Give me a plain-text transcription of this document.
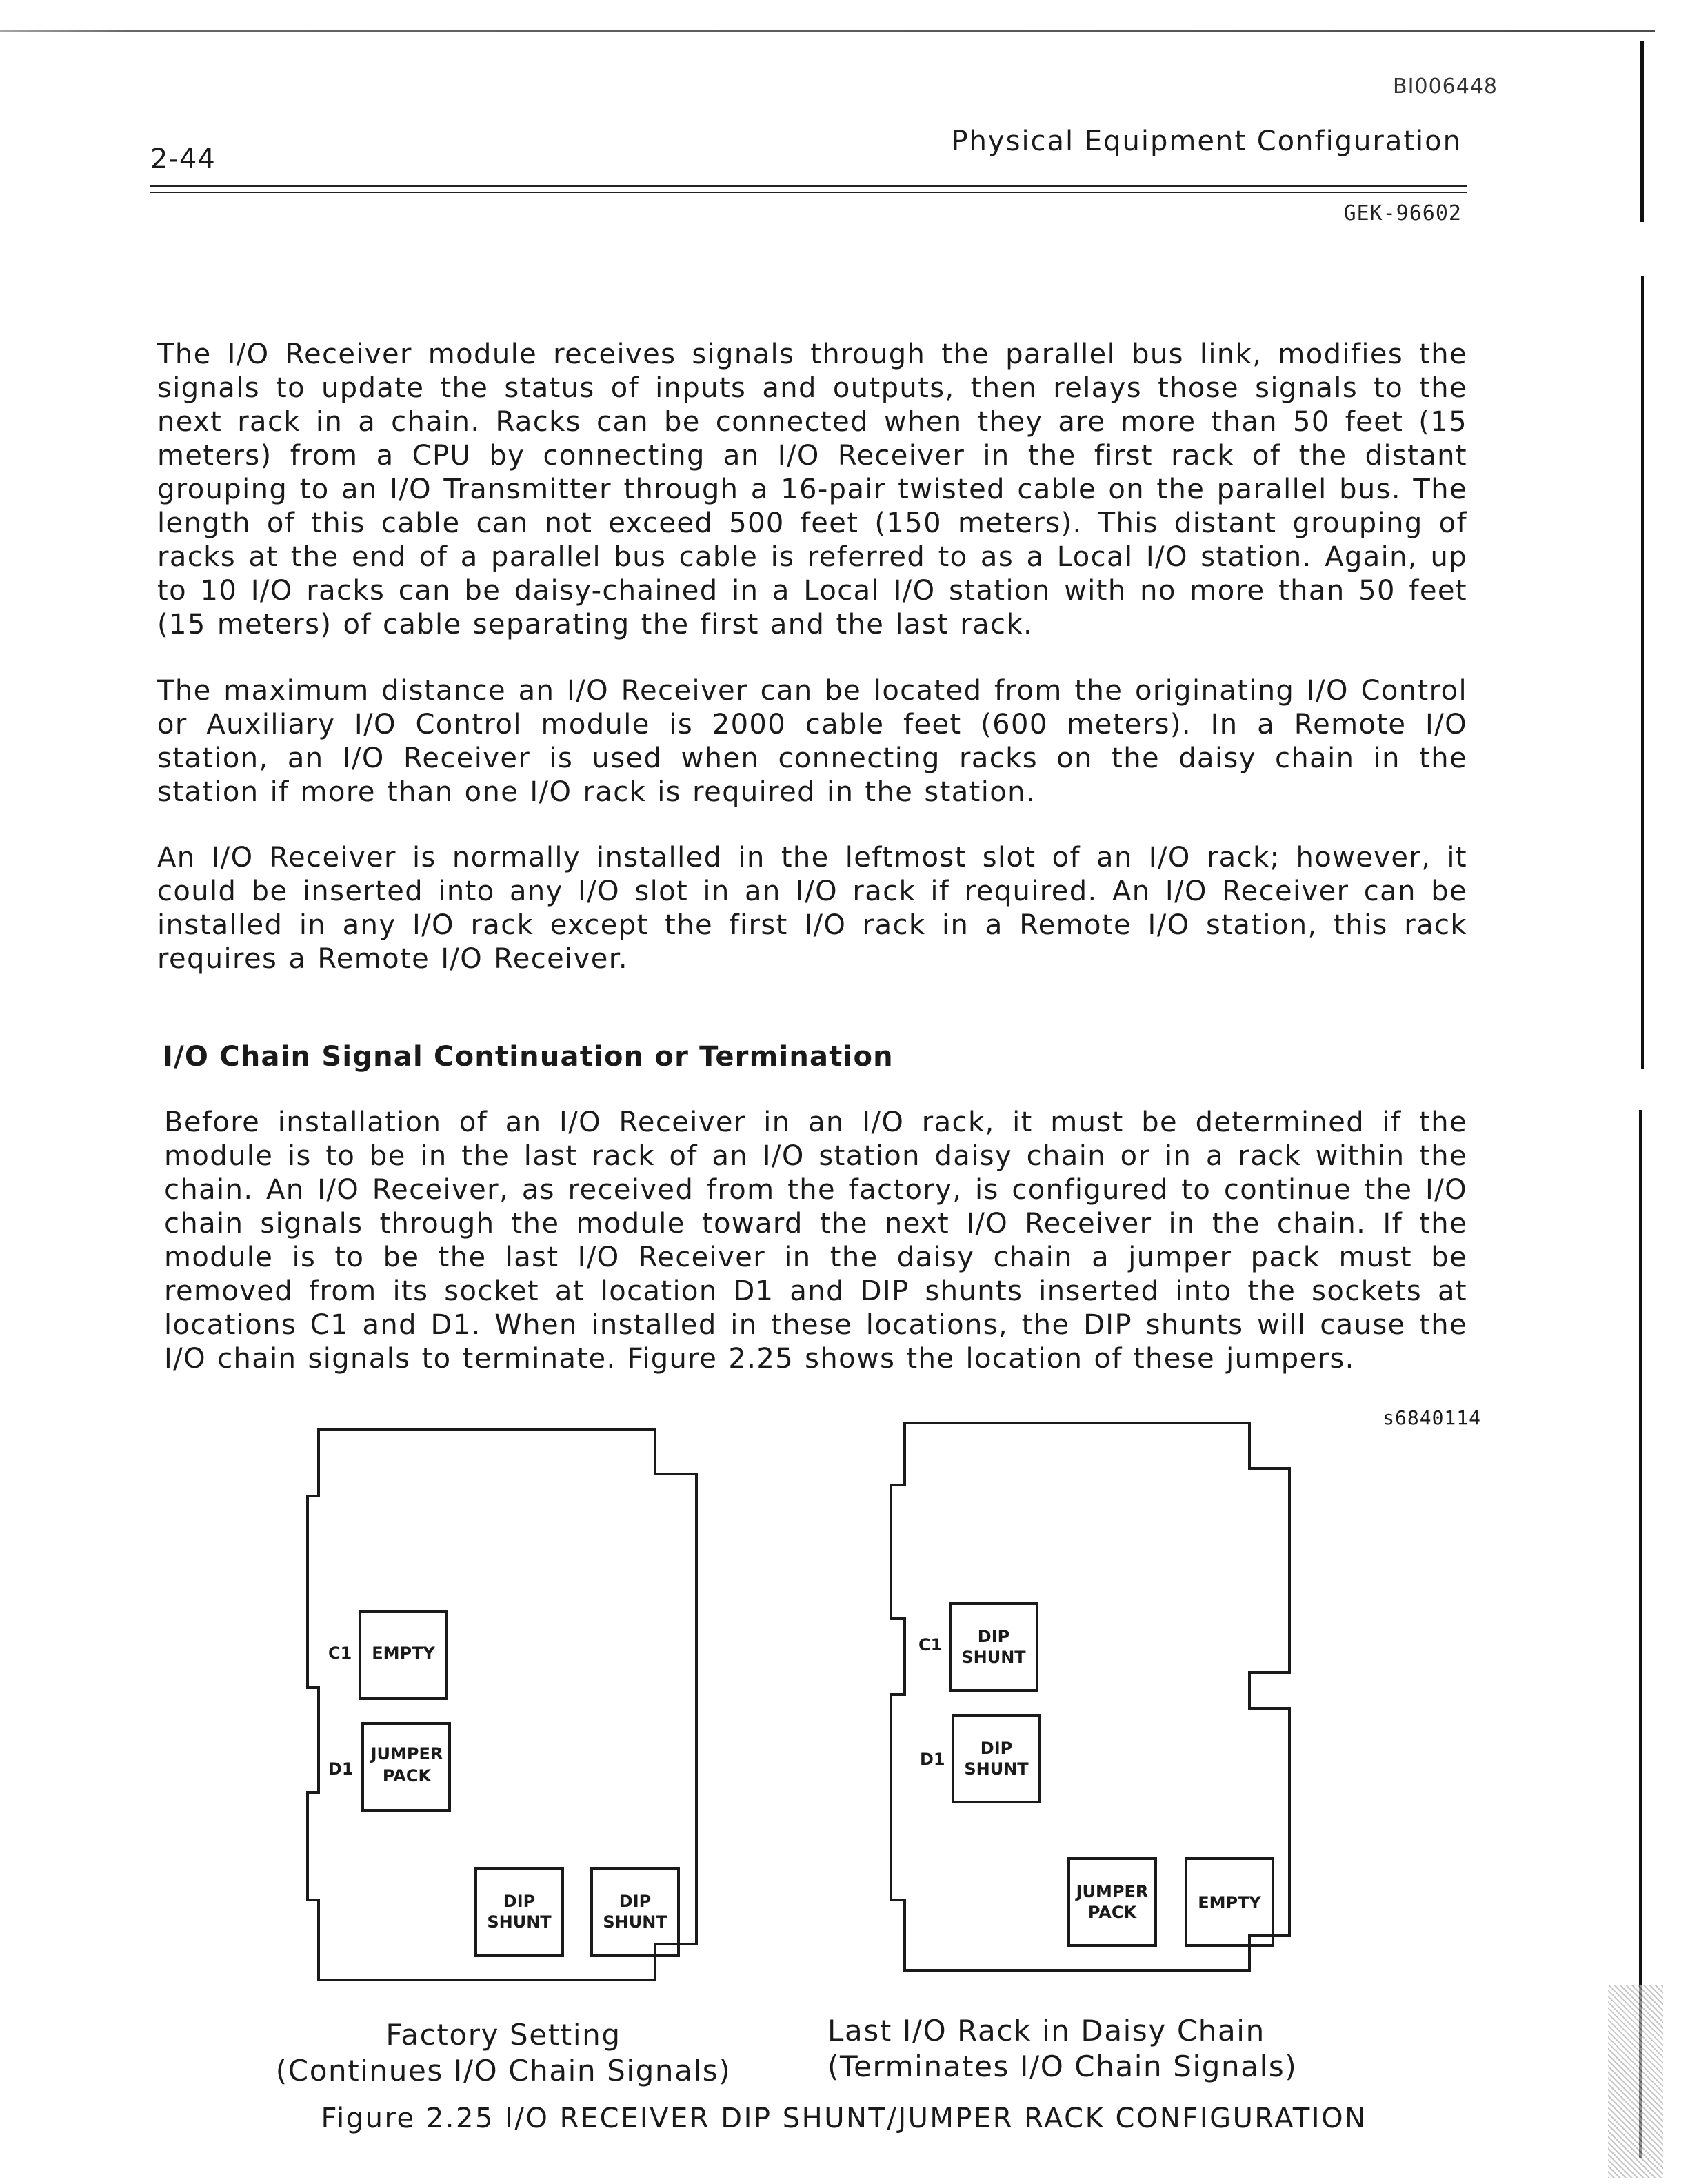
BI006448
2-44
Physical Equipment Configuration
GEK-96602
The I/O Receiver module receives signals through the parallel bus link, modifies the signals to update the status of inputs and outputs, then relays those signals to the next rack in a chain. Racks can be connected when they are more than 50 feet (15 meters) from a CPU by connecting an I/O Receiver in the first rack of the distant grouping to an I/O Transmitter through a 16-pair twisted cable on the parallel bus. The length of this cable can not exceed 500 feet (150 meters). This distant grouping of racks at the end of a parallel bus cable is referred to as a Local I/O station. Again, up to 10 I/O racks can be daisy-chained in a Local I/O station with no more than 50 feet (15 meters) of cable separating the first and the last rack.
The maximum distance an I/O Receiver can be located from the originating I/O Control or Auxiliary I/O Control module is 2000 cable feet (600 meters). In a Remote I/O station, an I/O Receiver is used when connecting racks on the daisy chain in the station if more than one I/O rack is required in the station.
An I/O Receiver is normally installed in the leftmost slot of an I/O rack; however, it could be inserted into any I/O slot in an I/O rack if required. An I/O Receiver can be installed in any I/O rack except the first I/O rack in a Remote I/O station, this rack requires a Remote I/O Receiver.
I/O Chain Signal Continuation or Termination
Before installation of an I/O Receiver in an I/O rack, it must be determined if the module is to be in the last rack of an I/O station daisy chain or in a rack within the chain. An I/O Receiver, as received from the factory, is configured to continue the I/O chain signals through the module toward the next I/O Receiver in the chain. If the module is to be the last I/O Receiver in the daisy chain a jumper pack must be removed from its socket at location D1 and DIP shunts inserted into the sockets at locations C1 and D1. When installed in these locations, the DIP shunts will cause the I/O chain signals to terminate. Figure 2.25 shows the location of these jumpers.
s6840114
C1 EMPTY
D1
JUMPER
PACK
DIP
SHUNT
DIP
SHUNT
C1 DIP
SHUNT
D1
DIP
SHUNT
JUMPER
PACK	EMPTY
Factory Setting
(Continues I/O Chain Signals)
Last I/O Rack in Daisy Chain
(Terminates I/O Chain Signals)
Figure 2.25 I/O RECEIVER DIP SHUNT/JUMPER RACK CONFIGURATION
